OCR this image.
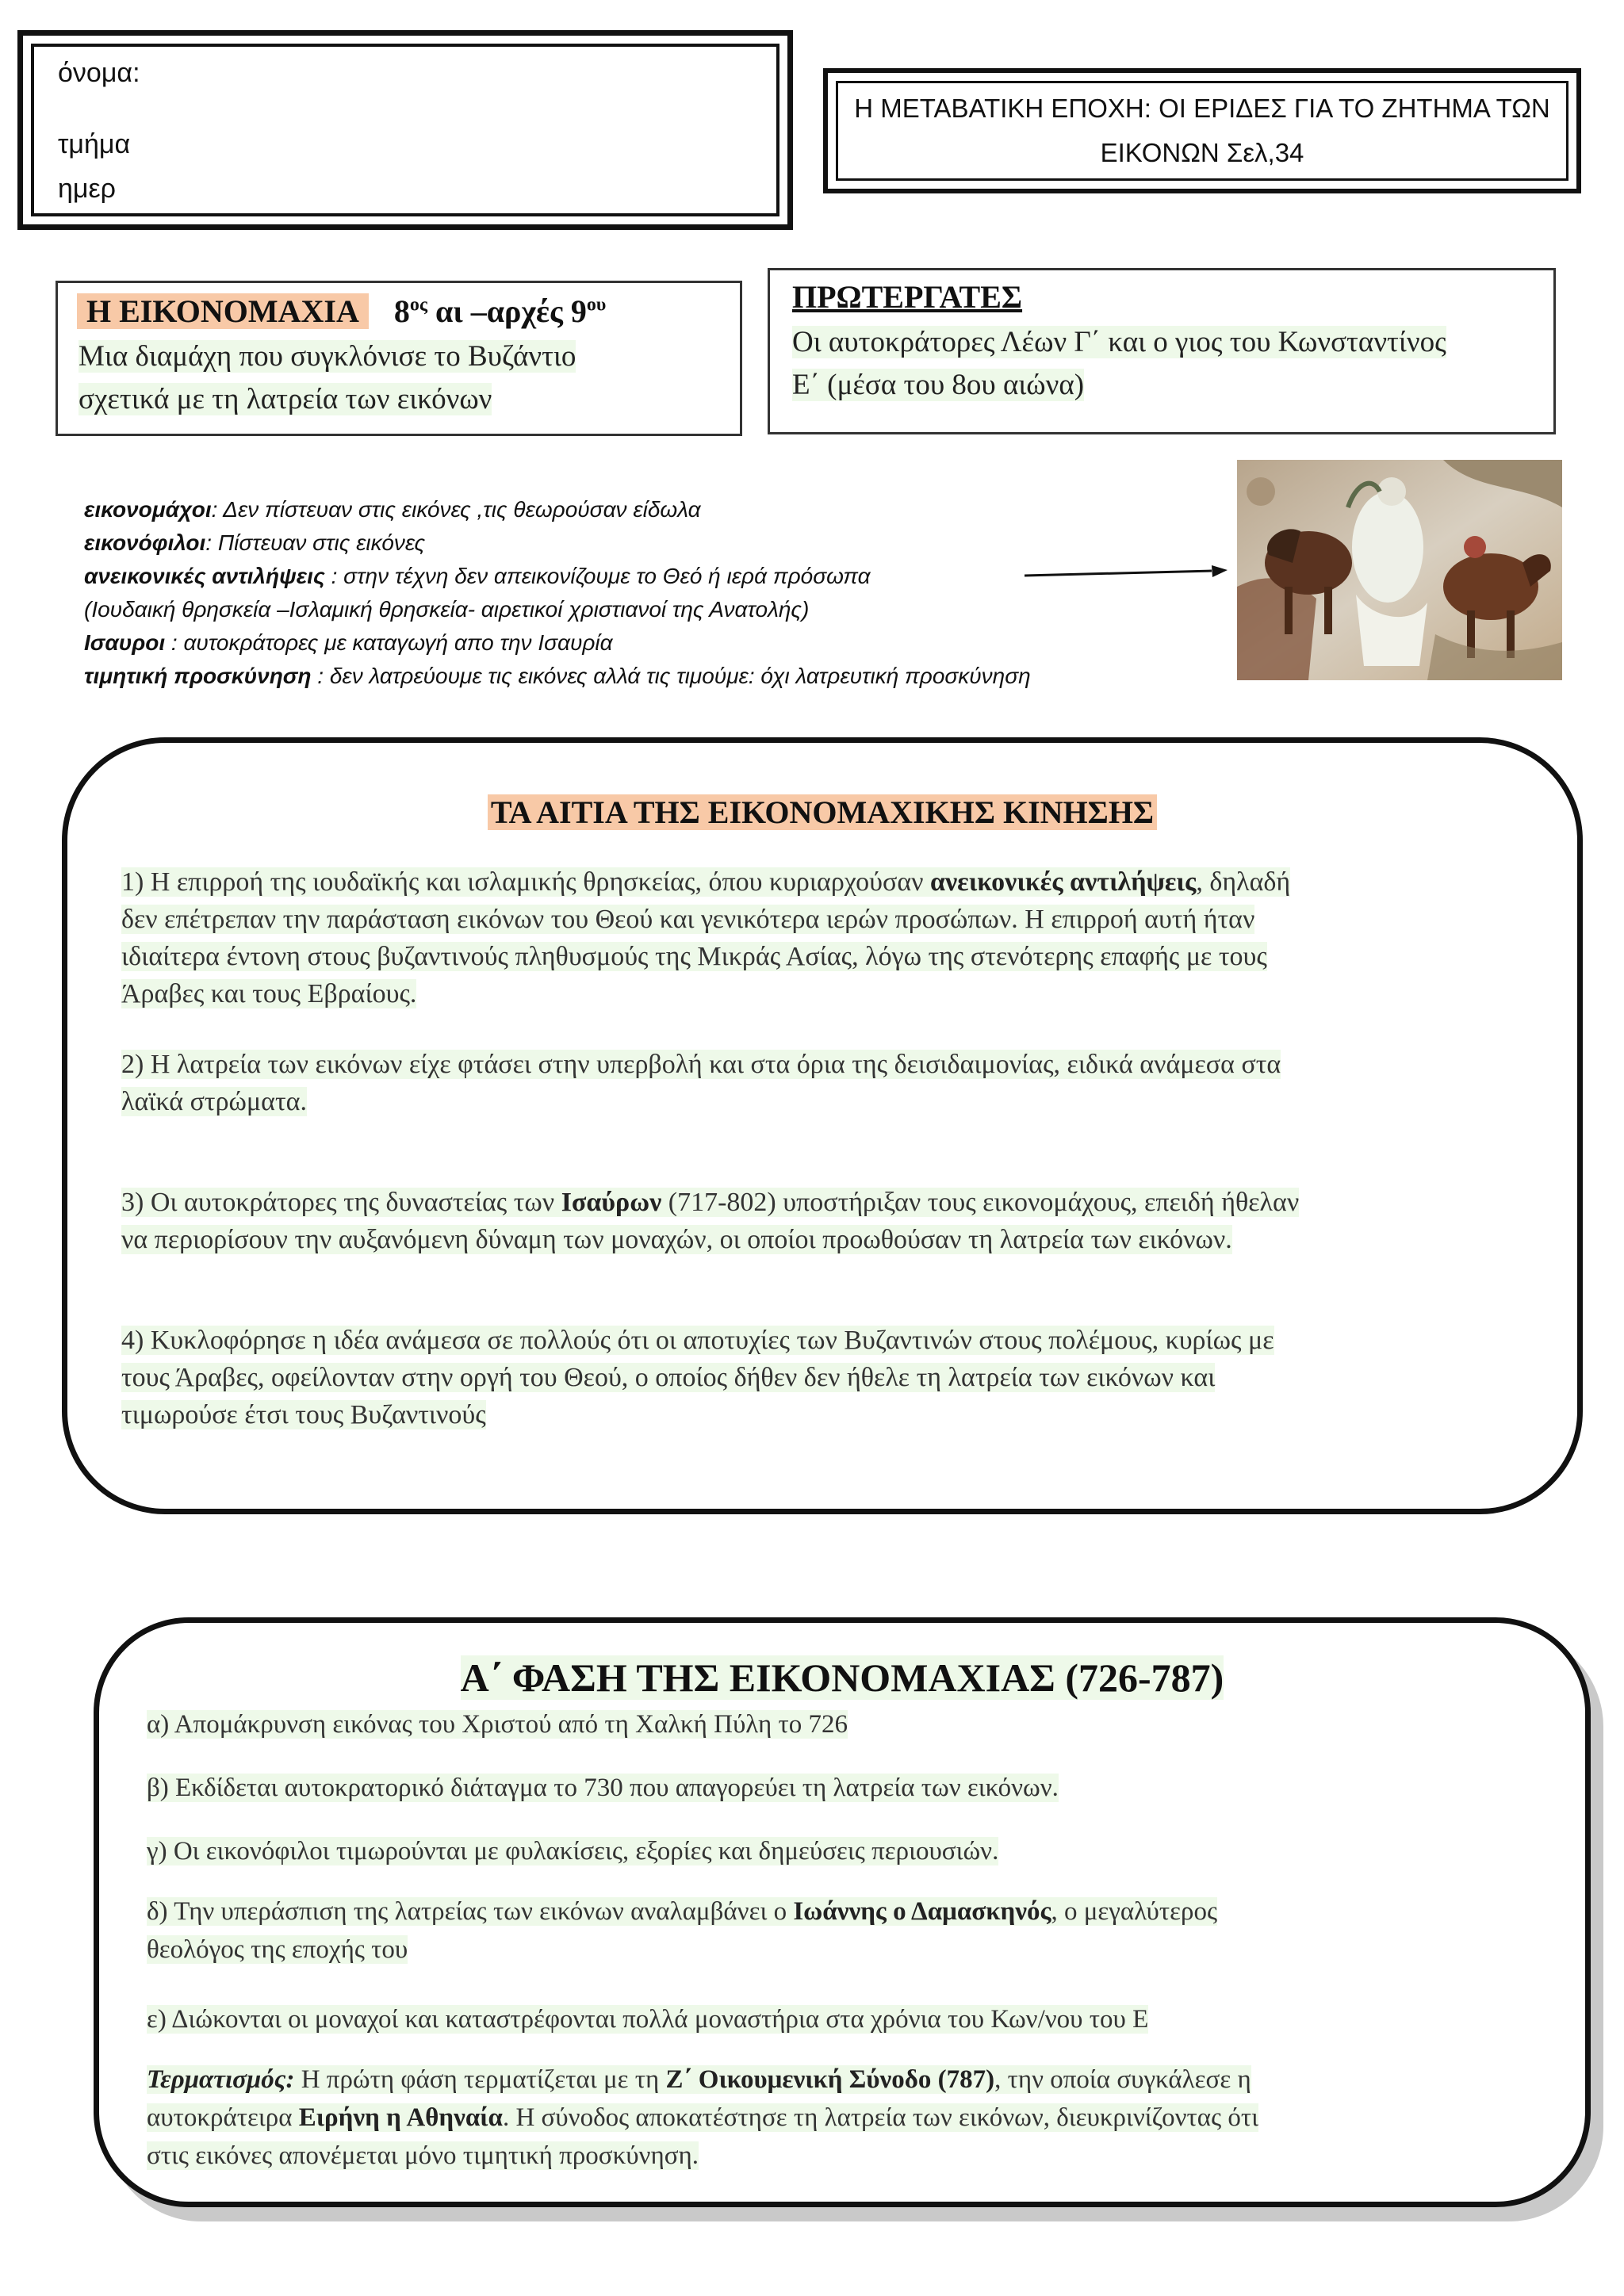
όνομα:
τμήμα
ημερ
Η ΜΕΤΑΒΑΤΙΚΗ ΕΠΟΧΗ: ΟΙ ΕΡΙΔΕΣ ΓΙΑ ΤΟ ΖΗΤΗΜΑ ΤΩΝ
ΕΙΚΟΝΩΝ Σελ,34
Η ΕΙΚΟΝΟΜΑΧΙΑ $8^{o\varsigma}$ αι –αρχές $9^{o\upsilon}$
Μια διαμάχη που συγκλόνισε το Βυζάντιο
σχετικά με τη λατρεία των εικόνων
ΠΡΩΤΕΡΓΑΤΕΣ
Οι αυτοκράτορες Λέων Γ΄ και ο γιος του Κωνσταντίνος
Ε΄ (μέσα του 8ου αιώνα)
εικονομάχοι: Δεν πίστευαν στις εικόνες ,τις θεωρούσαν είδωλα
εικονόφιλοι: Πίστευαν στις εικόνες
ανεικονικές αντιλήψεις : στην τέχνη δεν απεικονίζουμε το Θεό ή ιερά πρόσωπα
(Ιουδαική θρησκεία –Ισλαμική θρησκεία- αιρετικοί χριστιανοί της Ανατολής)
Ισαυροι : αυτοκράτορες με καταγωγή απο την Ισαυρία
τιμητική προσκύνηση : δεν λατρεύουμε τις εικόνες αλλά τις τιμούμε: όχι λατρευτική προσκύνηση
ΤΑ ΑΙΤΙΑ ΤΗΣ ΕΙΚΟΝΟΜΑΧΙΚΗΣ ΚΙΝΗΣΗΣ
1) Η επιρροή της ιουδαϊκής και ισλαμικής θρησκείας, όπου κυριαρχούσαν ανεικονικές αντιλήψεις, δηλαδή
δεν επέτρεπαν την παράσταση εικόνων του Θεού και γενικότερα ιερών προσώπων. Η επιρροή αυτή ήταν
ιδιαίτερα έντονη στους βυζαντινούς πληθυσμούς της Μικράς Ασίας, λόγω της στενότερης επαφής με τους
Άραβες και τους Εβραίους.
2) Η λατρεία των εικόνων είχε φτάσει στην υπερβολή και στα όρια της δεισιδαιμονίας, ειδικά ανάμεσα στα
λαϊκά στρώματα.
3) Οι αυτοκράτορες της δυναστείας των Ισαύρων (717-802) υποστήριξαν τους εικονομάχους, επειδή ήθελαν
να περιορίσουν την αυξανόμενη δύναμη των μοναχών, οι οποίοι προωθούσαν τη λατρεία των εικόνων.
4) Κυκλοφόρησε η ιδέα ανάμεσα σε πολλούς ότι οι αποτυχίες των Βυζαντινών στους πολέμους, κυρίως με
τους Άραβες, οφείλονταν στην οργή του Θεού, ο οποίος δήθεν δεν ήθελε τη λατρεία των εικόνων και
τιμωρούσε έτσι τους Βυζαντινούς
Α΄ ΦΑΣΗ ΤΗΣ ΕΙΚΟΝΟΜΑΧΙΑΣ (726-787)
α) Απομάκρυνση εικόνας του Χριστού από τη Χαλκή Πύλη το 726
β) Εκδίδεται αυτοκρατορικό διάταγμα το 730 που απαγορεύει τη λατρεία των εικόνων.
γ) Οι εικονόφιλοι τιμωρούνται με φυλακίσεις, εξορίες και δημεύσεις περιουσιών.
δ) Την υπεράσπιση της λατρείας των εικόνων αναλαμβάνει ο Ιωάννης ο Δαμασκηνός, ο μεγαλύτερος
θεολόγος της εποχής του
ε) Διώκονται οι μοναχοί και καταστρέφονται πολλά μοναστήρια στα χρόνια του Κων/νου του Ε
Τερματισμός: Η πρώτη φάση τερματίζεται με τη Ζ΄ Οικουμενική Σύνοδο (787), την οποία συγκάλεσε η
αυτοκράτειρα Ειρήνη η Αθηναία. Η σύνοδος αποκατέστησε τη λατρεία των εικόνων, διευκρινίζοντας ότι
στις εικόνες απονέμεται μόνο τιμητική προσκύνηση.
